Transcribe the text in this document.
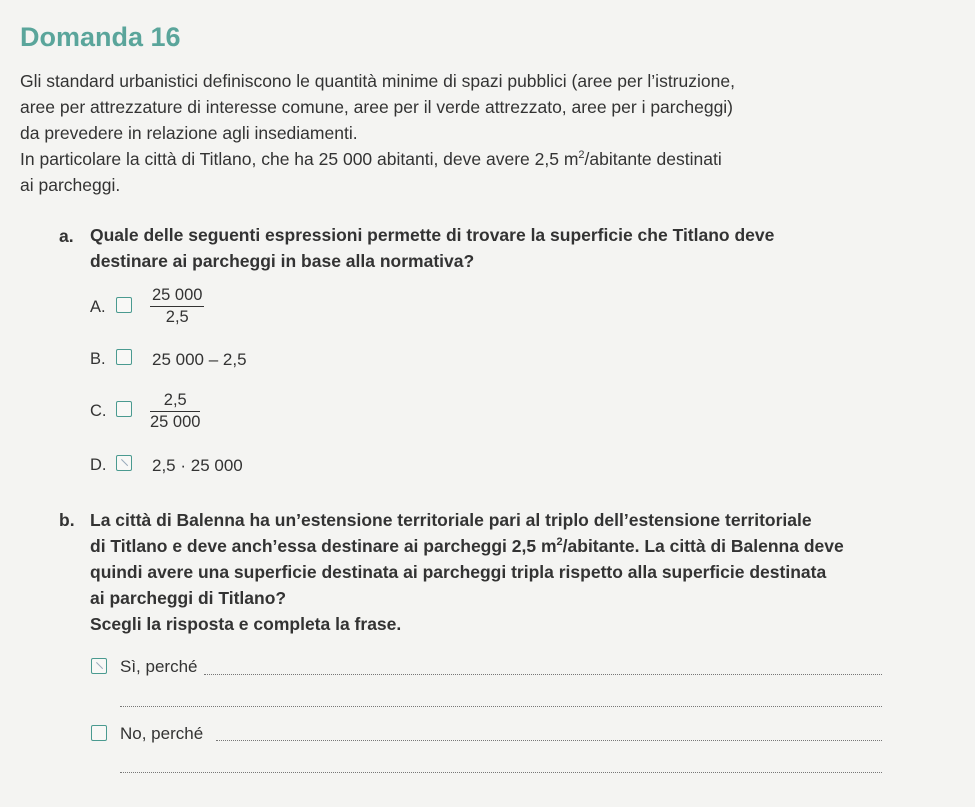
Domanda 16
Gli standard urbanistici definiscono le quantità minime di spazi pubblici (aree per l’istruzione,
aree per attrezzature di interesse comune, aree per il verde attrezzato, aree per i parcheggi)
da prevedere in relazione agli insediamenti.
In particolare la città di Titlano, che ha 25 000 abitanti, deve avere 2,5 $m^2$/abitante destinati
ai parcheggi.
a. Quale delle seguenti espressioni permette di trovare la superficie che Titlano deve
destinare ai parcheggi in base alla normativa?
A.	$\frac{25 000}{2,5}$
B.	25 000 – 2,5
C.	$\frac{2,5}{25 000}$
D.	2,5 · 25 000
b. La città di Balenna ha un’estensione territoriale pari al triplo dell’estensione territoriale
di Titlano e deve anch’essa destinare ai parcheggi 2,5 $m^2$/abitante. La città di Balenna deve
quindi avere una superficie destinata ai parcheggi tripla rispetto alla superficie destinata
ai parcheggi di Titlano?
Scegli la risposta e completa la frase.
Sì, perché
No, perché
